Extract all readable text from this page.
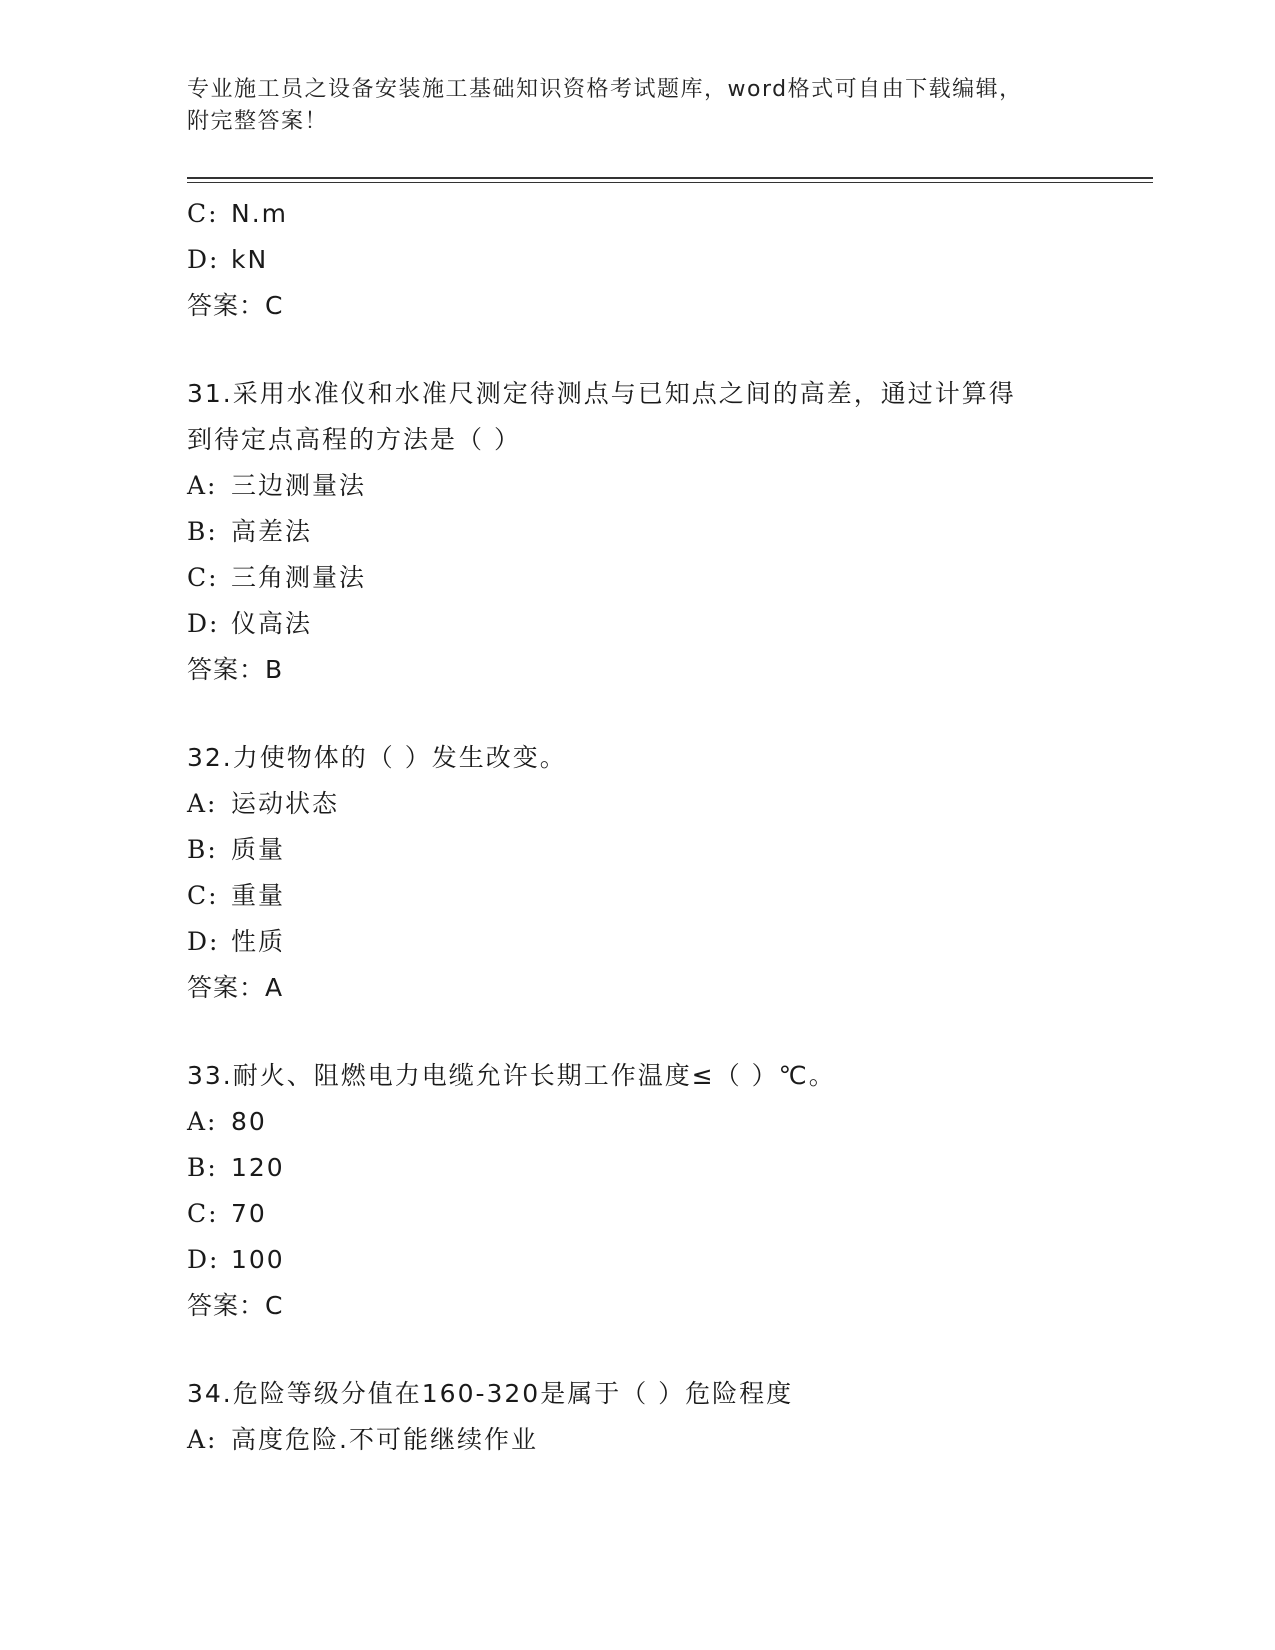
专业施工员之设备安装施工基础知识资格考试题库，word格式可自由下载编辑，
附完整答案！
C: N.m
D: kN
答案：C
31.采用水准仪和水准尺测定待测点与已知点之间的高差，通过计算得
到待定点高程的方法是（ ）
A: 三边测量法
B: 高差法
C: 三角测量法
D: 仪高法
答案：B
32.力使物体的（ ）发生改变。
A: 运动状态
B: 质量
C: 重量
D: 性质
答案：A
33.耐火、阻燃电力电缆允许长期工作温度≤（ ）℃。
A: 80
B: 120
C: 70
D: 100
答案：C
34.危险等级分值在160-320是属于（ ）危险程度
A: 高度危险.不可能继续作业
